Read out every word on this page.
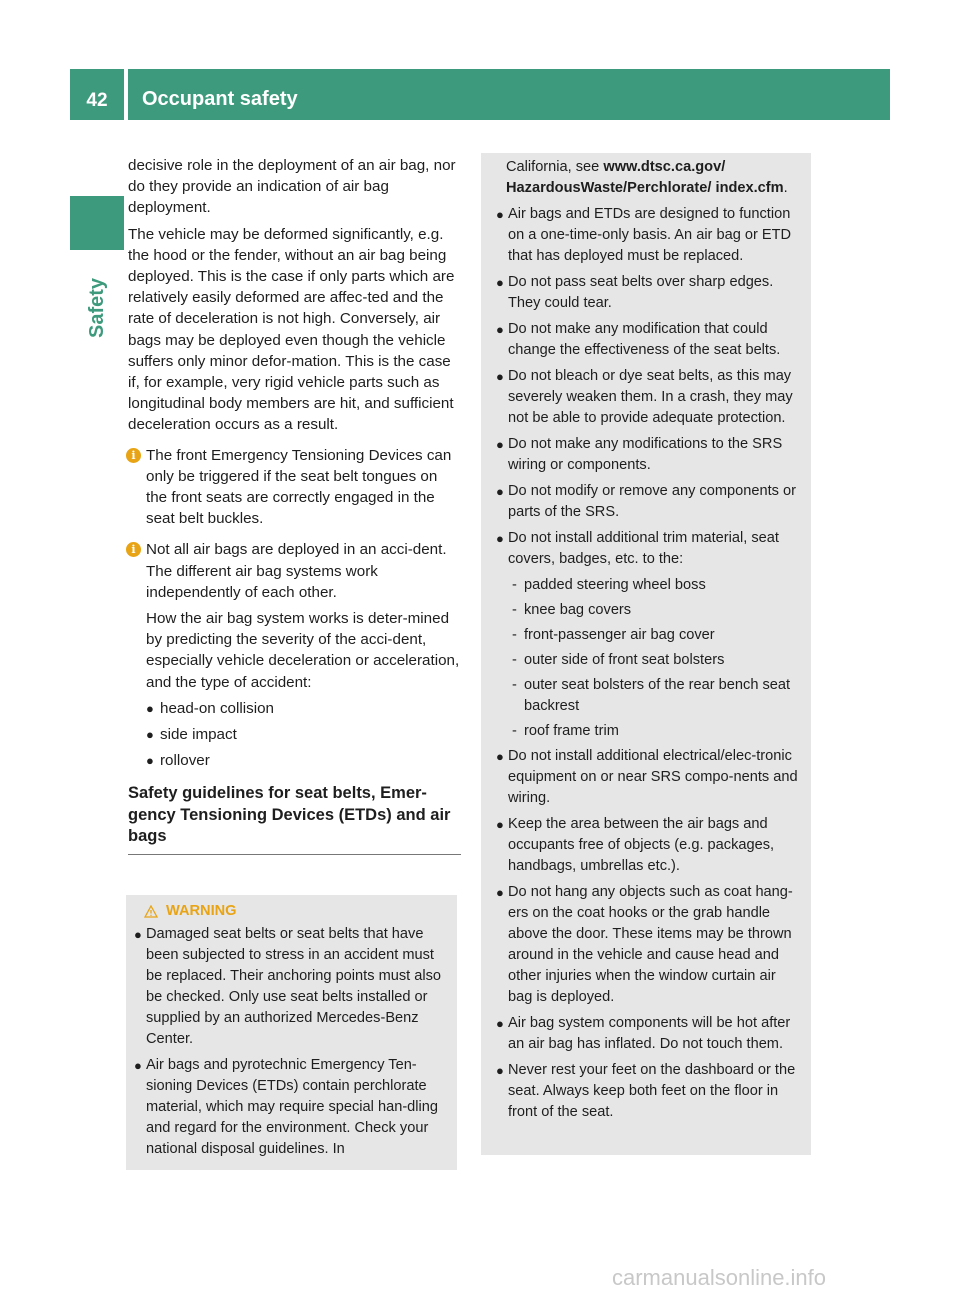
42	Occupant safety
Safety

decisive role in the deployment of an air bag, nor do they provide an indication of air bag deployment.

The vehicle may be deformed significantly, e.g. the hood or the fender, without an air bag being deployed. This is the case if only parts which are relatively easily deformed are affec-ted and the rate of deceleration is not high. Conversely, air bags may be deployed even though the vehicle suffers only minor defor-mation. This is the case if, for example, very rigid vehicle parts such as longitudinal body members are hit, and sufficient deceleration occurs as a result.

i The front Emergency Tensioning Devices can only be triggered if the seat belt tongues on the front seats are correctly engaged in the seat belt buckles.

i Not all air bags are deployed in an acci-dent. The different air bag systems work independently of each other.

How the air bag system works is deter-mined by predicting the severity of the acci-dent, especially vehicle deceleration or acceleration, and the type of accident:

● head-on collision
● side impact
● rollover
Safety guidelines for seat belts, Emer-gency Tensioning Devices (ETDs) and air bags
WARNING
● Damaged seat belts or seat belts that have been subjected to stress in an accident must be replaced. Their anchoring points must also be checked. Only use seat belts installed or supplied by an authorized Mercedes-Benz Center.
● Air bags and pyrotechnic Emergency Ten-sioning Devices (ETDs) contain perchlorate material, which may require special han-dling and regard for the environment. Check your national disposal guidelines. In
California, see www.dtsc.ca.gov/ HazardousWaste/Perchlorate/ index.cfm.
● Air bags and ETDs are designed to function on a one-time-only basis. An air bag or ETD that has deployed must be replaced.
● Do not pass seat belts over sharp edges. They could tear.
● Do not make any modification that could change the effectiveness of the seat belts.
● Do not bleach or dye seat belts, as this may severely weaken them. In a crash, they may not be able to provide adequate protection.
● Do not make any modifications to the SRS wiring or components.
● Do not modify or remove any components or parts of the SRS.
● Do not install additional trim material, seat covers, badges, etc. to the:
- padded steering wheel boss
- knee bag covers
- front-passenger air bag cover
- outer side of front seat bolsters
- outer seat bolsters of the rear bench seat backrest
- roof frame trim
● Do not install additional electrical/elec-tronic equipment on or near SRS compo-nents and wiring.
● Keep the area between the air bags and occupants free of objects (e.g. packages, handbags, umbrellas etc.).
● Do not hang any objects such as coat hang-ers on the coat hooks or the grab handle above the door. These items may be thrown around in the vehicle and cause head and other injuries when the window curtain air bag is deployed.
● Air bag system components will be hot after an air bag has inflated. Do not touch them.
● Never rest your feet on the dashboard or the seat. Always keep both feet on the floor in front of the seat.
carmanualsonline.info
